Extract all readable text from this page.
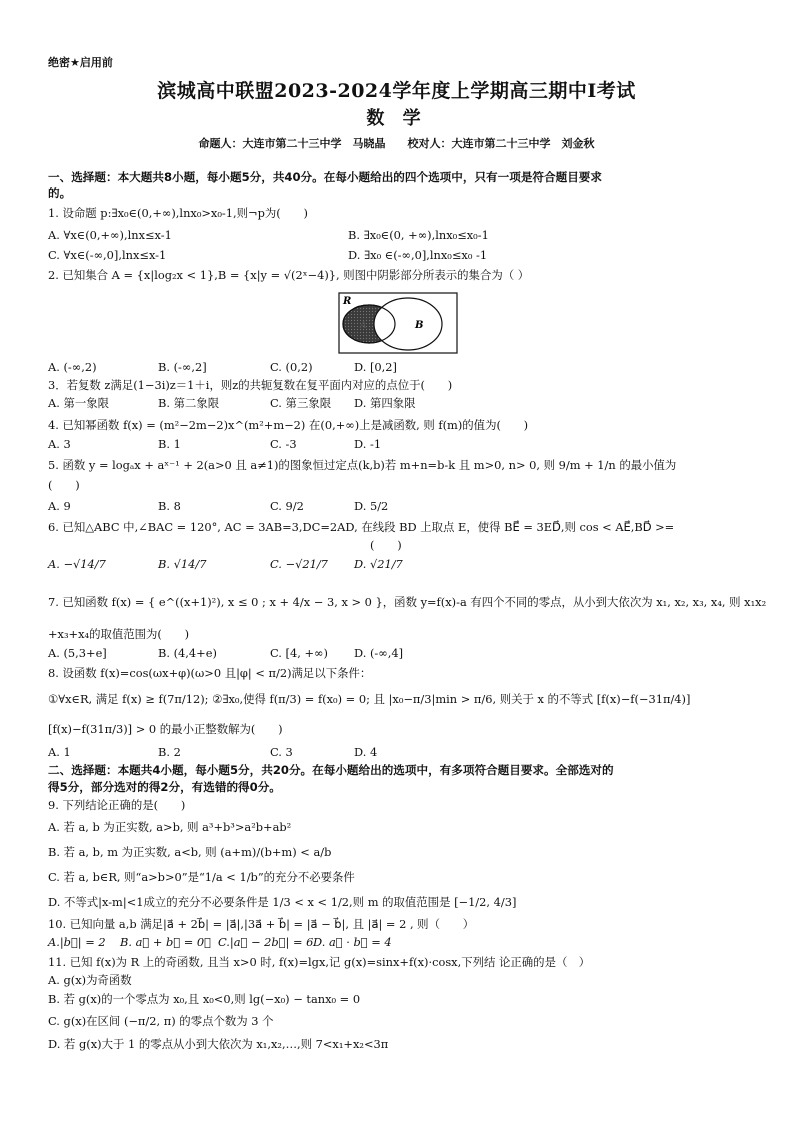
绝密★启用前
滨城高中联盟2023-2024学年度上学期高三期中Ⅰ考试
数 学
命题人：大连市第二十三中学　马晓晶　　校对人：大连市第二十三中学　刘金秋
一、选择题：本大题共8小题，每小题5分，共40分。在每小题给出的四个选项中，只有一项是符合题目要求
的。
1. 设命题 p:∃x₀∈(0,+∞),lnx₀>x₀-1,则¬p为(　　)
A. ∀x∈(0,+∞),lnx≤x-1	B. ∃x₀∈(0, +∞),lnx₀≤x₀-1
C. ∀x∈(-∞,0],lnx≤x-1	D. ∃x₀ ∈(-∞,0],lnx₀≤x₀ -1
2. 已知集合 A = {x|log₂x < 1},B = {x|y = √(2ˣ−4)}, 则图中阴影部分所表示的集合为（ ）
R
A	B
A. (-∞,2)	B. (-∞,2]	C. (0,2)	D. [0,2]
3．若复数 z满足(1−3i)z＝1＋i，则z的共轭复数在复平面内对应的点位于(　　)
A. 第一象限	B. 第二象限	C. 第三象限 D. 第四象限
4. 已知幂函数 f(x) = (m²−2m−2)x^(m²+m−2) 在(0,+∞)上是减函数, 则 f(m)的值为(　　)
A. 3	B. 1	C. -3	D. -1
5. 函数 y = logₐx + aˣ⁻¹ + 2(a>0 且 a≠1)的图象恒过定点(k,b)若 m+n=b-k 且 m>0, n> 0, 则 9/m + 1/n 的最小值为
(　　)
A. 9	B. 8	C. 9/2	D. 5/2
6. 已知△ABC 中,∠BAC = 120°, AC = 3AB=3,DC=2AD, 在线段 BD 上取点 E，使得 BE⃗ = 3ED⃗,则 cos < AE⃗,BD⃗ >=
(　　)
A. −√14/7	B. √14/7	C. −√21/7 D. √21/7
7. 已知函数 f(x) = { e^((x+1)²), x ≤ 0 ; x + 4/x − 3, x > 0 }，函数 y=f(x)-a 有四个不同的零点，从小到大依次为 x₁, x₂, x₃, x₄, 则 x₁x₂
+x₃+x₄的取值范围为(　　)
A. (5,3+e]	B. (4,4+e)	C. [4, +∞) D. (-∞,4]
8. 设函数 f(x)=cos(ωx+φ)(ω>0 且|φ| < π/2)满足以下条件：
①∀x∈R, 满足 f(x) ≥ f(7π/12); ②∃x₀,使得 f(π/3) = f(x₀) = 0; 且 |x₀−π/3|min > π/6, 则关于 x 的不等式 [f(x)−f(−31π/4)]
[f(x)−f(31π/3)] > 0 的最小正整数解为(　　)
A. 1	B. 2	C. 3	D. 4
二、选择题：本题共4小题，每小题5分，共20分。在每小题给出的选项中，有多项符合题目要求。全部选对的
得5分，部分选对的得2分，有选错的得0分。
9. 下列结论正确的是(　　)
A. 若 a, b 为正实数, a>b, 则 a³+b³>a²b+ab²
B. 若 a, b, m 为正实数, a<b, 则 (a+m)/(b+m) < a/b
C. 若 a, b∈R, 则“a>b>0”是“1/a < 1/b”的充分不必要条件
D. 不等式|x-m|<1成立的充分不必要条件是 1/3 < x < 1/2,则 m 的取值范围是 [−1/2, 4/3]
10. 已知向量 a,b 满足|a⃗ + 2b⃗| = |a⃗|,|3a⃗ + b⃗| = |a⃗ − b⃗|, 且 |a⃗| = 2 , 则（　　）
A.|b⃗| = 2 B. a⃗ + b⃗ = 0⃗ C.|a⃗ − 2b⃗| = 6 D. a⃗ · b⃗ = 4
11. 已知 f(x)为 R 上的奇函数, 且当 x>0 时, f(x)=lgx,记 g(x)=sinx+f(x)·cosx,下列结 论正确的是（　）
A. g(x)为奇函数
B. 若 g(x)的一个零点为 x₀,且 x₀<0,则 lg(−x₀) − tanx₀ = 0
C. g(x)在区间 (−π/2, π) 的零点个数为 3 个
D. 若 g(x)大于 1 的零点从小到大依次为 x₁,x₂,…,则 7<x₁+x₂<3π
